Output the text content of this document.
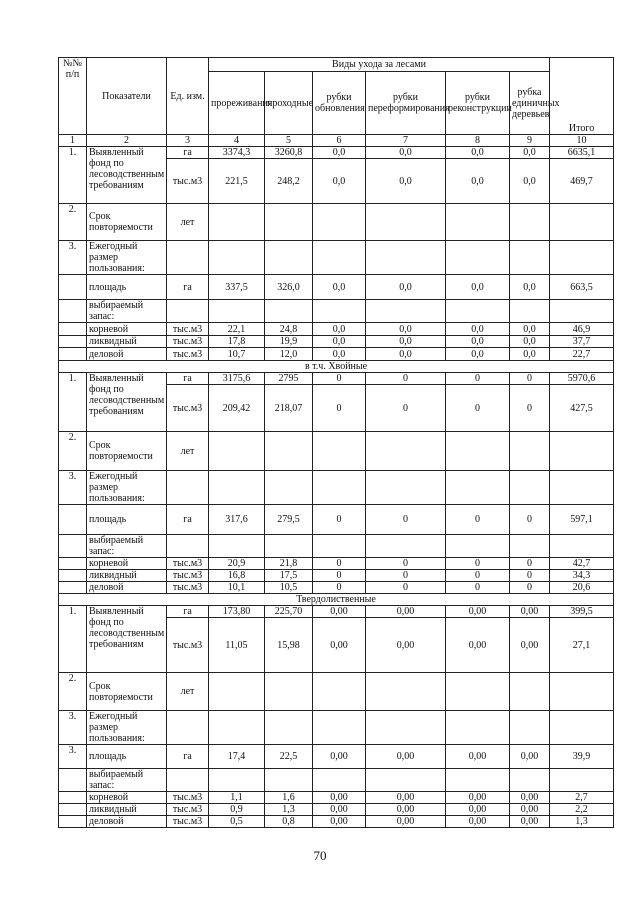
№№ п/п	Показатели	Ед. изм.	Виды ухода за лесами						Итого
			прореживания	проходные	рубки обновления	рубки переформирования	рубки реконструкции	рубка единичных деревьев	
1	2	3	4	5	6	7	8	9	10
1.	Выявленный фонд по лесоводственным требованиям	га	3374,3	3260,8	0,0	0,0	0,0	0,0	6635,1
		тыс.м3	221,5	248,2	0,0	0,0	0,0	0,0	469,7
2.	Срок повторяемости	лет							
3.	Ежегодный размер пользования:								
	площадь	га	337,5	326,0	0,0	0,0	0,0	0,0	663,5
	выбираемый запас:								
	корневой	тыс.м3	22,1	24,8	0,0	0,0	0,0	0,0	46,9
	ликвидный	тыс.м3	17,8	19,9	0,0	0,0	0,0	0,0	37,7
	деловой	тыс.м3	10,7	12,0	0,0	0,0	0,0	0,0	22,7
в т.ч. Хвойные									
1.	Выявленный фонд по лесоводственным требованиям	га	3175,6	2795	0	0	0	0	5970,6
		тыс.м3	209,42	218,07	0	0	0	0	427,5
2.	Срок повторяемости	лет							
3.	Ежегодный размер пользования:								
	площадь	га	317,6	279,5	0	0	0	0	597,1
	выбираемый запас:								
	корневой	тыс.м3	20,9	21,8	0	0	0	0	42,7
	ликвидный	тыс.м3	16,8	17,5	0	0	0	0	34,3
	деловой	тыс.м3	10,1	10,5	0	0	0	0	20,6
Твердолиственные									
1.	Выявленный фонд по лесоводственным требованиям	га	173,80	225,70	0,00	0,00	0,00	0,00	399,5
		тыс.м3	11,05	15,98	0,00	0,00	0,00	0,00	27,1
2.	Срок повторяемости	лет							
3.	Ежегодный размер пользования:								
3.	площадь	га	17,4	22,5	0,00	0,00	0,00	0,00	39,9
	выбираемый запас:								
	корневой	тыс.м3	1,1	1,6	0,00	0,00	0,00	0,00	2,7
	ликвидный	тыс.м3	0,9	1,3	0,00	0,00	0,00	0,00	2,2
	деловой	тыс.м3	0,5	0,8	0,00	0,00	0,00	0,00	1,3
70
